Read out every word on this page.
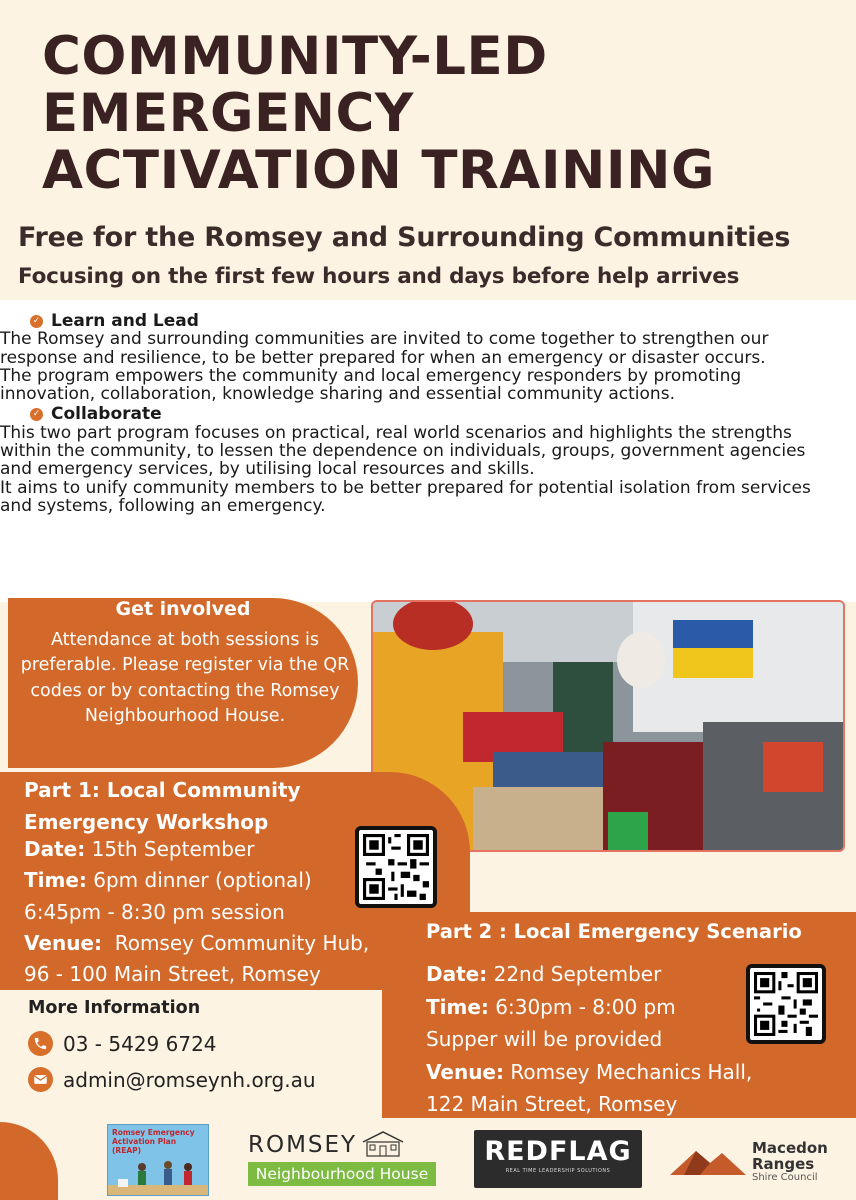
COMMUNITY-LED
EMERGENCY
ACTIVATION TRAINING
Free for the Romsey and Surrounding Communities
Focusing on the first few hours and days before help arrives
✓ Learn and Lead
The Romsey and surrounding communities are invited to come together to strengthen our response and resilience, to be better prepared for when an emergency or disaster occurs.
The program empowers the community and local emergency responders by promoting innovation, collaboration, knowledge sharing and essential community actions.
✓ Collaborate
This two part program focuses on practical, real world scenarios and highlights the strengths within the community, to lessen the dependence on individuals, groups, government agencies and emergency services, by utilising local resources and skills.
It aims to unify community members to be better prepared for potential isolation from services and systems, following an emergency.
Get involved
Attendance at both sessions is preferable. Please register via the QR codes or by contacting the Romsey Neighbourhood House.
Part 1: Local Community
Emergency Workshop
Date: 15th September
Time: 6pm dinner (optional)
6:45pm - 8:30 pm session
Venue:  Romsey Community Hub,
96 - 100 Main Street, Romsey
Part 2 : Local Emergency Scenario
Date: 22nd September
Time: 6:30pm - 8:00 pm
Supper will be provided
Venue: Romsey Mechanics Hall,
122 Main Street, Romsey
More Information
03 - 5429 6724
admin@romseynh.org.au
Romsey Emergency
Activation Plan
(REAP)	ROMSEY
Neighbourhood House
REDFLAG
REAL TIME LEADERSHIP SOLUTIONS
Macedon
Ranges
Shire Council
